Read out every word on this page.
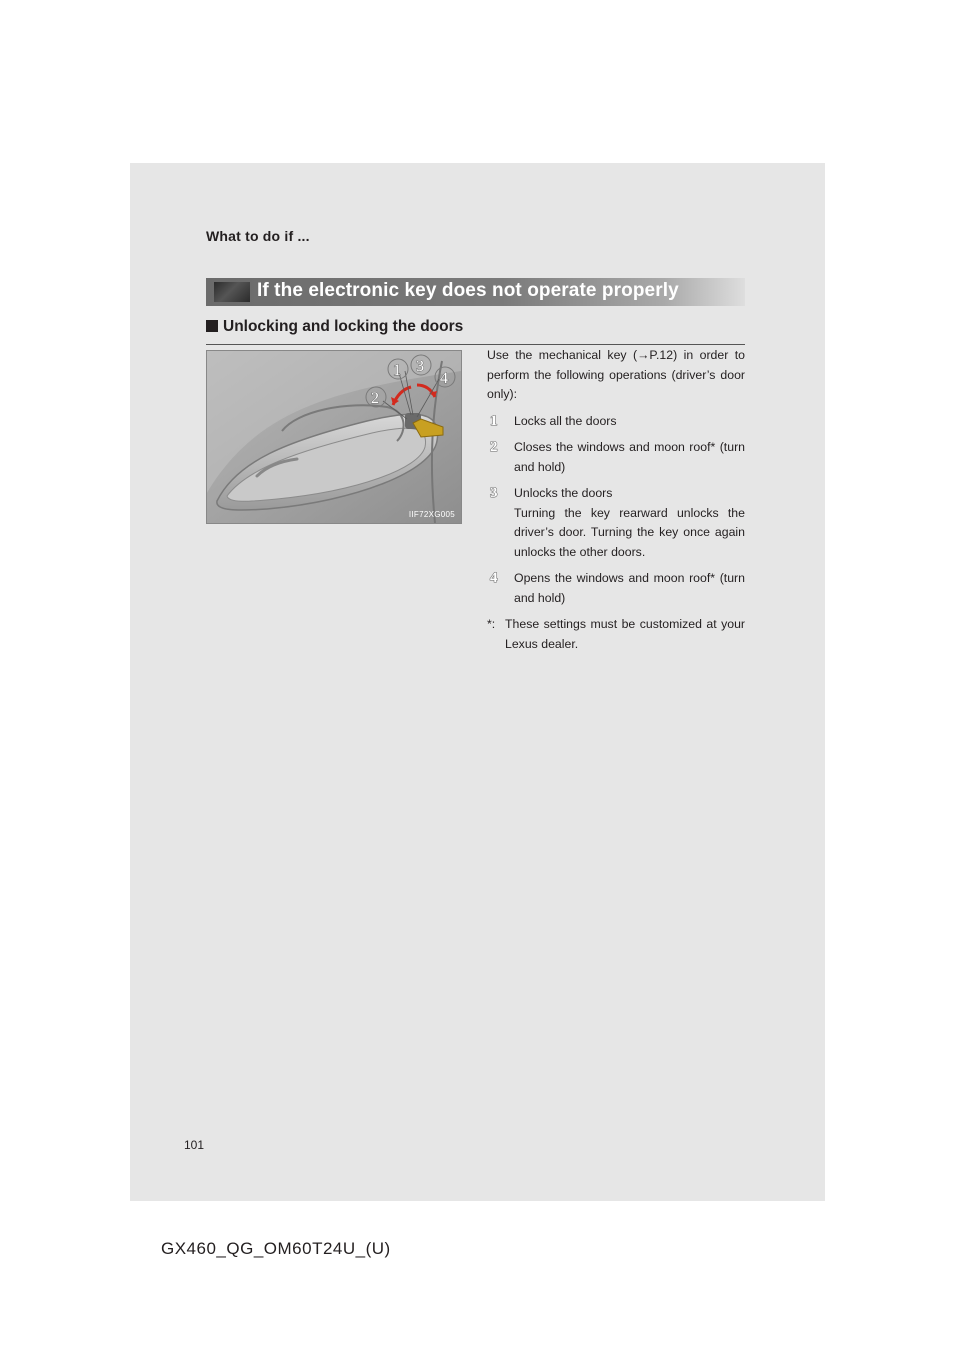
What to do if ...
If the electronic key does not operate properly
Unlocking and locking the doors
1
2
3
4
IIF72XG005

Use the mechanical key (→P.12) in order to perform the following operations (driver’s door only):

1 Locks all the doors
2 Closes the windows and moon roof* (turn and hold)
3 Unlocks the doors
Turning the key rearward unlocks the driver’s door. Turning the key once again unlocks the other doors.
4 Opens the windows and moon roof* (turn and hold)
*: These settings must be customized at your Lexus dealer.
101
GX460_QG_OM60T24U_(U)
